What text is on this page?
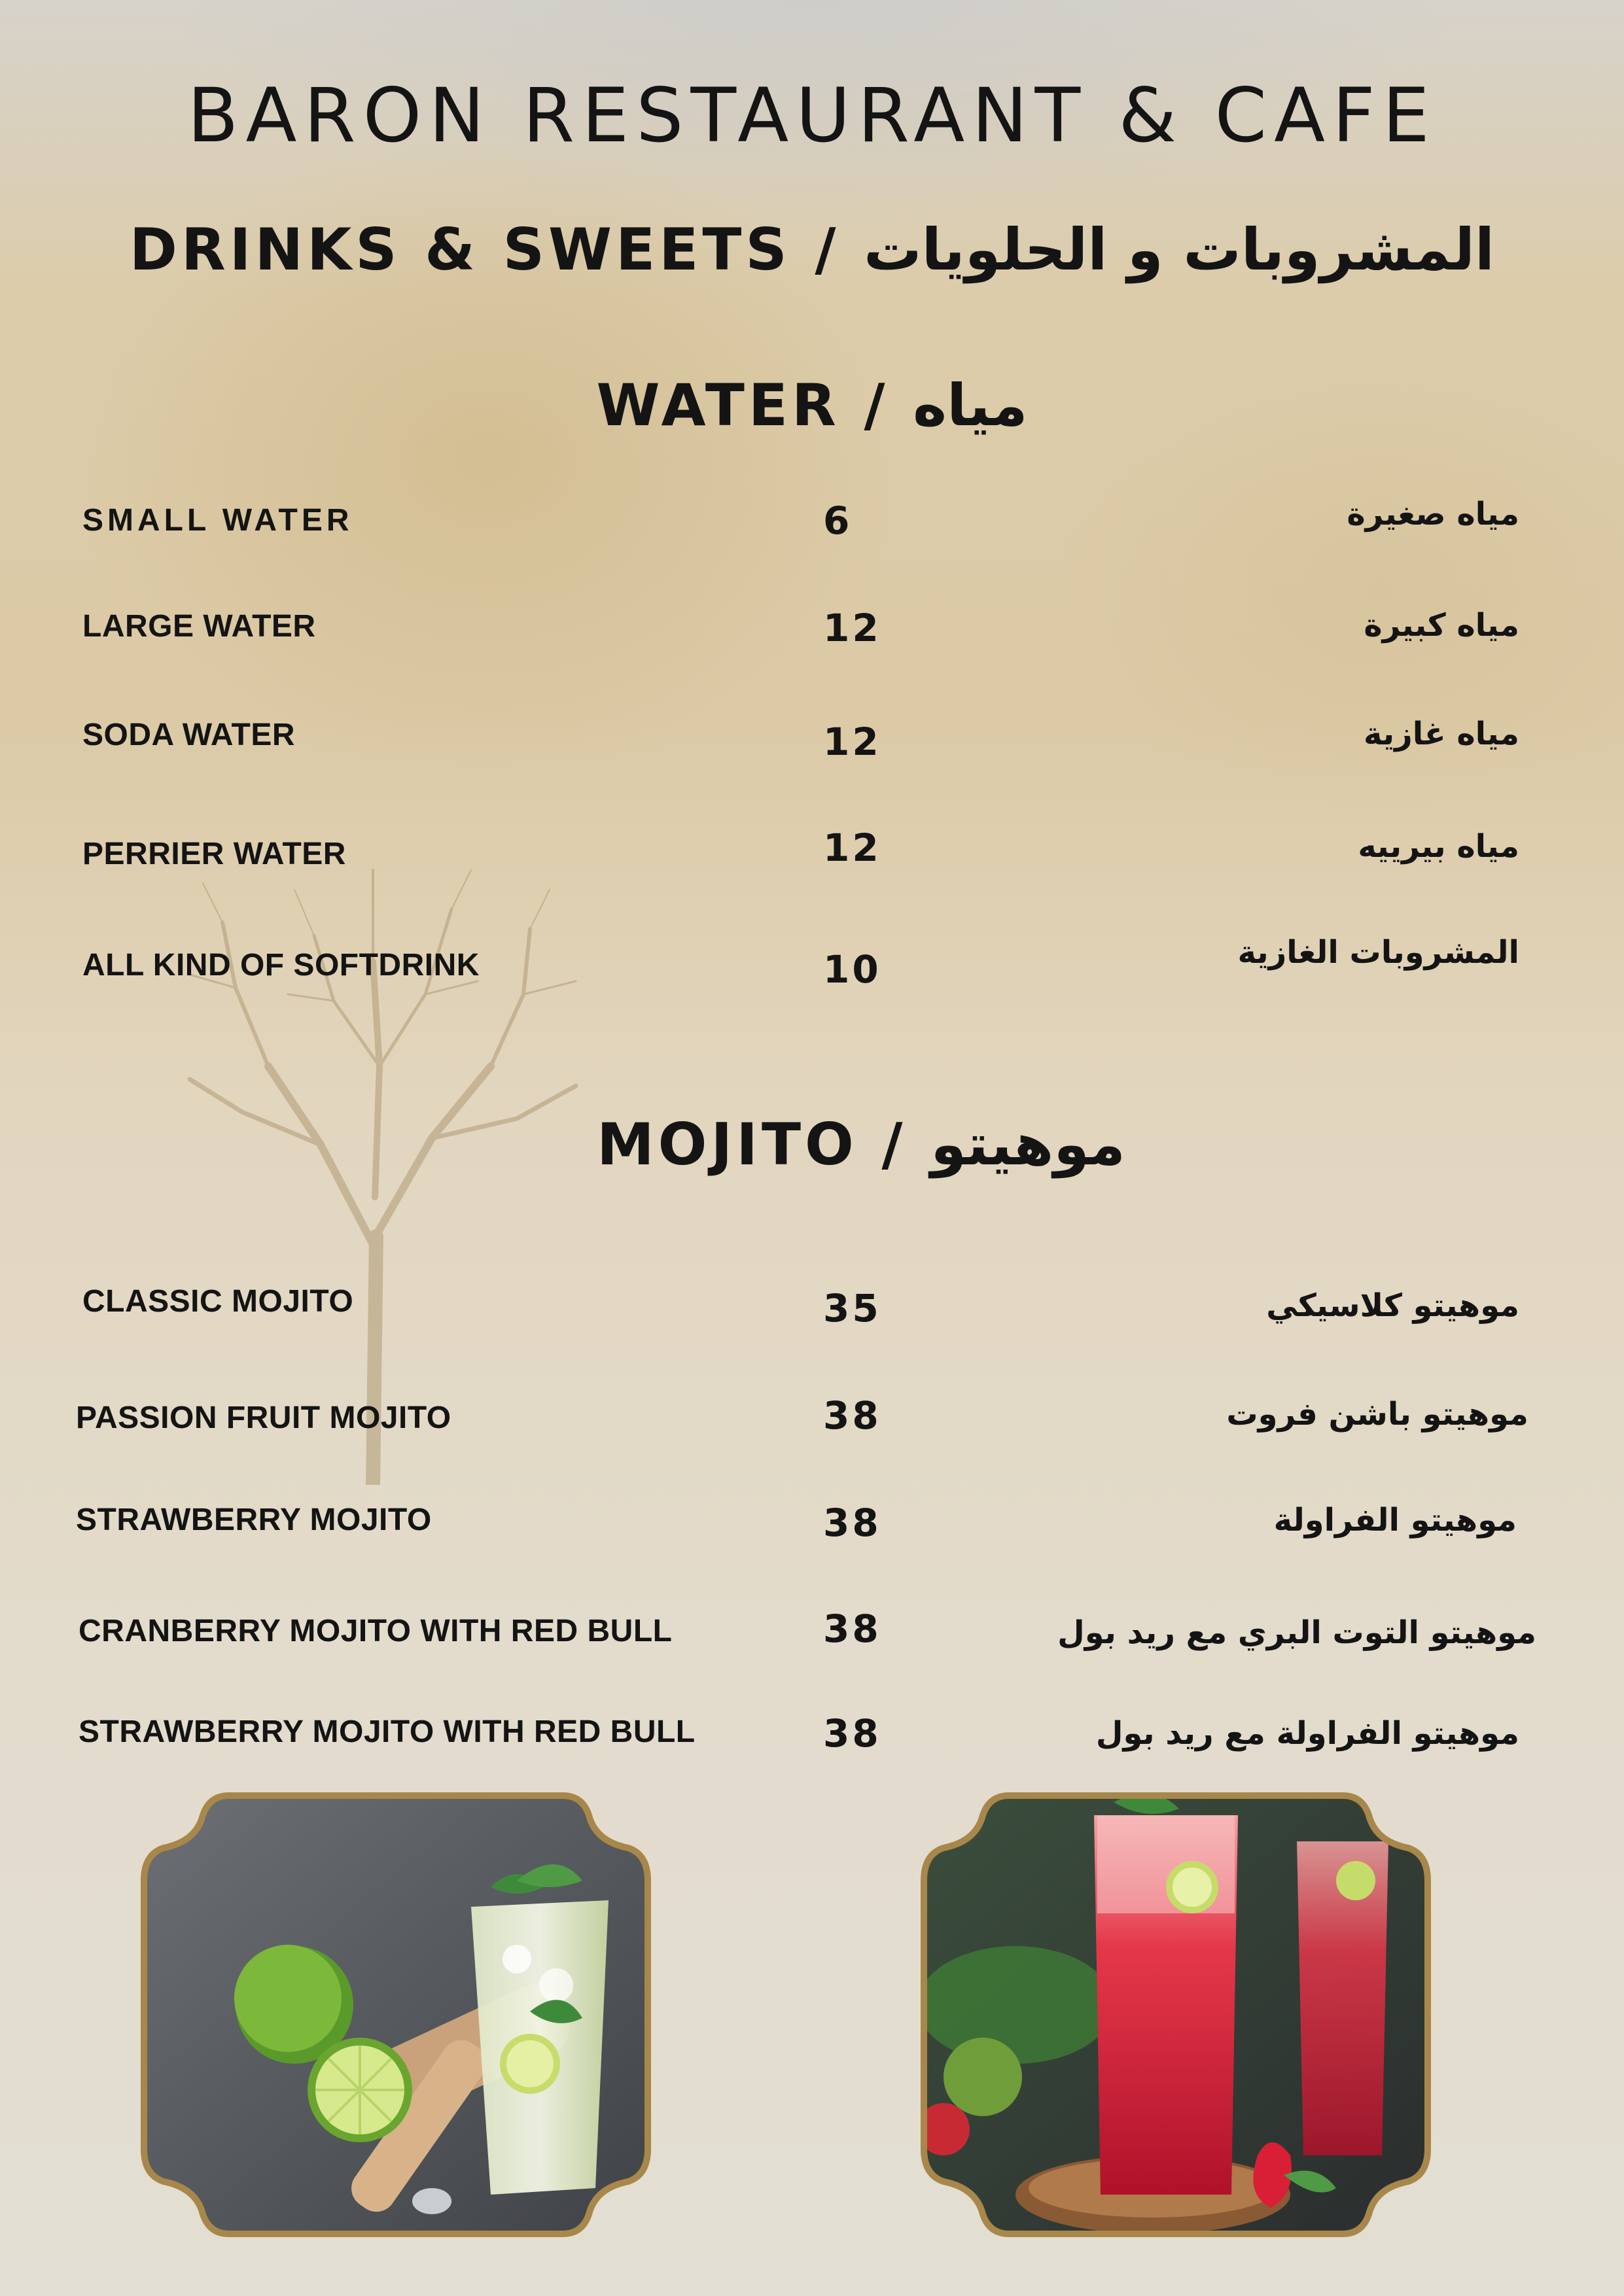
BARON RESTAURANT & CAFE
DRINKS & SWEETS / المشروبات و الحلويات
WATER / مياه
SMALL WATER	6	مياه صغيرة
LARGE WATER	12	مياه كبيرة
SODA WATER	12	مياه غازية
PERRIER WATER	12	مياه بيرييه
ALL KIND OF SOFTDRINK	10	المشروبات الغازية
MOJITO / موهيتو
CLASSIC MOJITO	35	موهيتو كلاسيكي
PASSION FRUIT MOJITO	38	موهيتو باشن فروت
STRAWBERRY MOJITO	38	موهيتو الفراولة
CRANBERRY MOJITO WITH RED BULL	38	موهيتو التوت البري مع ريد بول
STRAWBERRY MOJITO WITH RED BULL	38	موهيتو الفراولة مع ريد بول
